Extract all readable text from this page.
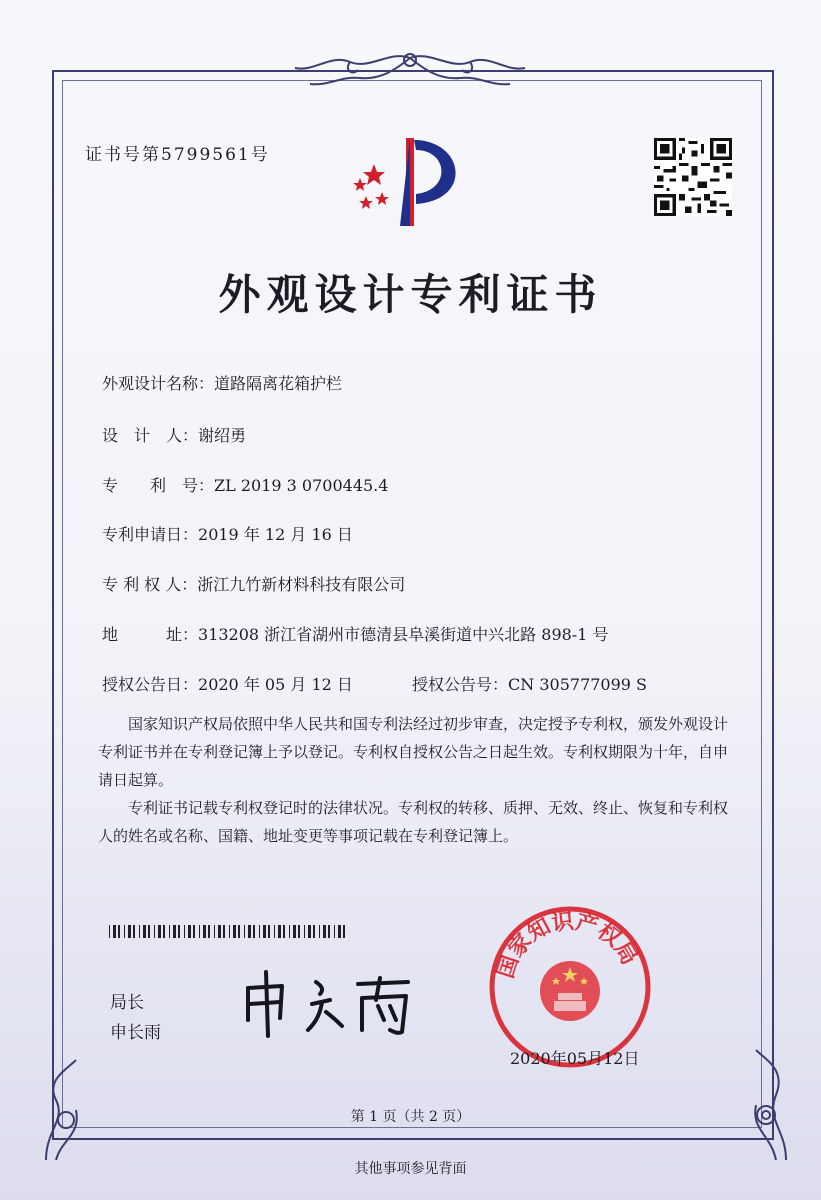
证书号第5799561号
外观设计专利证书
外观设计名称：道路隔离花箱护栏
设　计　人：谢绍勇
专　　利　号：ZL 2019 3 0700445.4
专利申请日：2019 年 12 月 16 日
专 利 权 人：浙江九竹新材料科技有限公司
地　　　址：313208 浙江省湖州市德清县阜溪街道中兴北路 898-1 号
授权公告日：2020 年 05 月 12 日	授权公告号：CN 305777099 S

国家知识产权局依照中华人民共和国专利法经过初步审查，决定授予专利权，颁发外观设计专利证书并在专利登记簿上予以登记。专利权自授权公告之日起生效。专利权期限为十年，自申请日起算。

专利证书记载专利权登记时的法律状况。专利权的转移、质押、无效、终止、恢复和专利权人的姓名或名称、国籍、地址变更等事项记载在专利登记簿上。

局长
申长雨
国家知识产权局
2020年05月12日
第 1 页（共 2 页）
其他事项参见背面
